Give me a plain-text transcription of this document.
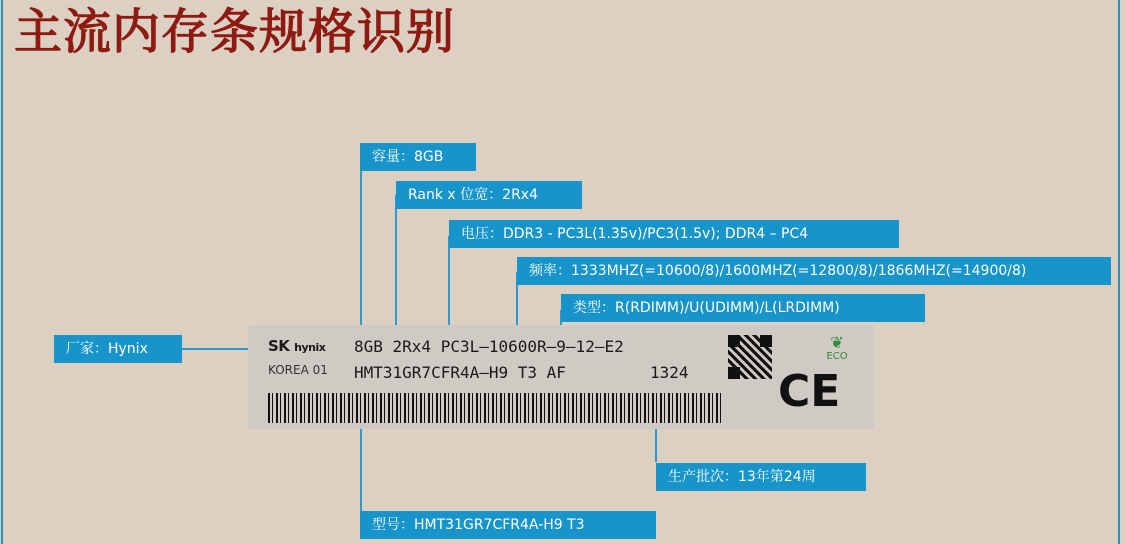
主流内存条规格识别
容量：8GB
Rank x 位宽：2Rx4
电压：DDR3 - PC3L(1.35v)/PC3(1.5v); DDR4 – PC4
频率：1333MHZ(=10600/8)/1600MHZ(=12800/8)/1866MHZ(=14900/8)
类型：R(RDIMM)/U(UDIMM)/L(LRDIMM)
厂家：Hynix
生产批次：13年第24周
型号：HMT31GR7CFR4A-H9 T3
SK hynix
KOREA 01
8GB 2Rx4 PC3L–10600R–9–12–E2
HMT31GR7CFR4A–H9 T3 AF	1324
❦
ECO
CE
